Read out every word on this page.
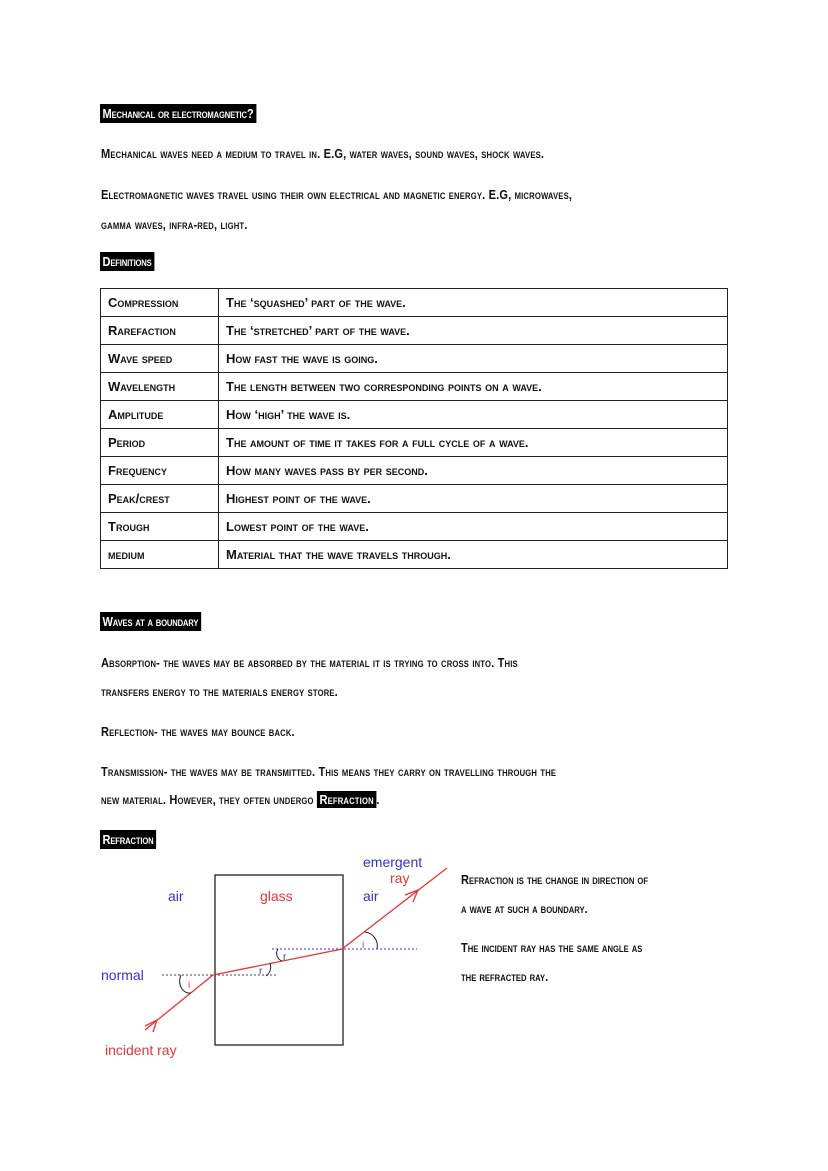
Mechanical or electromagnetic?
Mechanical waves need a medium to travel in. E.G, water waves, sound waves, shock waves.
Electromagnetic waves travel using their own electrical and magnetic energy. E.G, microwaves,
gamma waves, infra-red, light.
Definitions
Compression	The ‘squashed’ part of the wave.
Rarefaction	The ‘stretched’ part of the wave.
Wave speed	How fast the wave is going.
Wavelength	The length between two corresponding points on a wave.
Amplitude	How ‘high’ the wave is.
Period	The amount of time it takes for a full cycle of a wave.
Frequency	How many waves pass by per second.
Peak/crest	Highest point of the wave.
Trough	Lowest point of the wave.
medium	Material that the wave travels through.
Waves at a boundary
Absorption- the waves may be absorbed by the material it is trying to cross into. This
transfers energy to the materials energy store.
Reflection- the waves may bounce back.
Transmission- the waves may be transmitted. This means they carry on travelling through the
new material. However, they often undergo Refraction .
Refraction
air	glass	air
emergent
ray
normal
incident ray
i
i
r
r
Refraction is the change in direction of
a wave at such a boundary.
The incident ray has the same angle as
the refracted ray.
